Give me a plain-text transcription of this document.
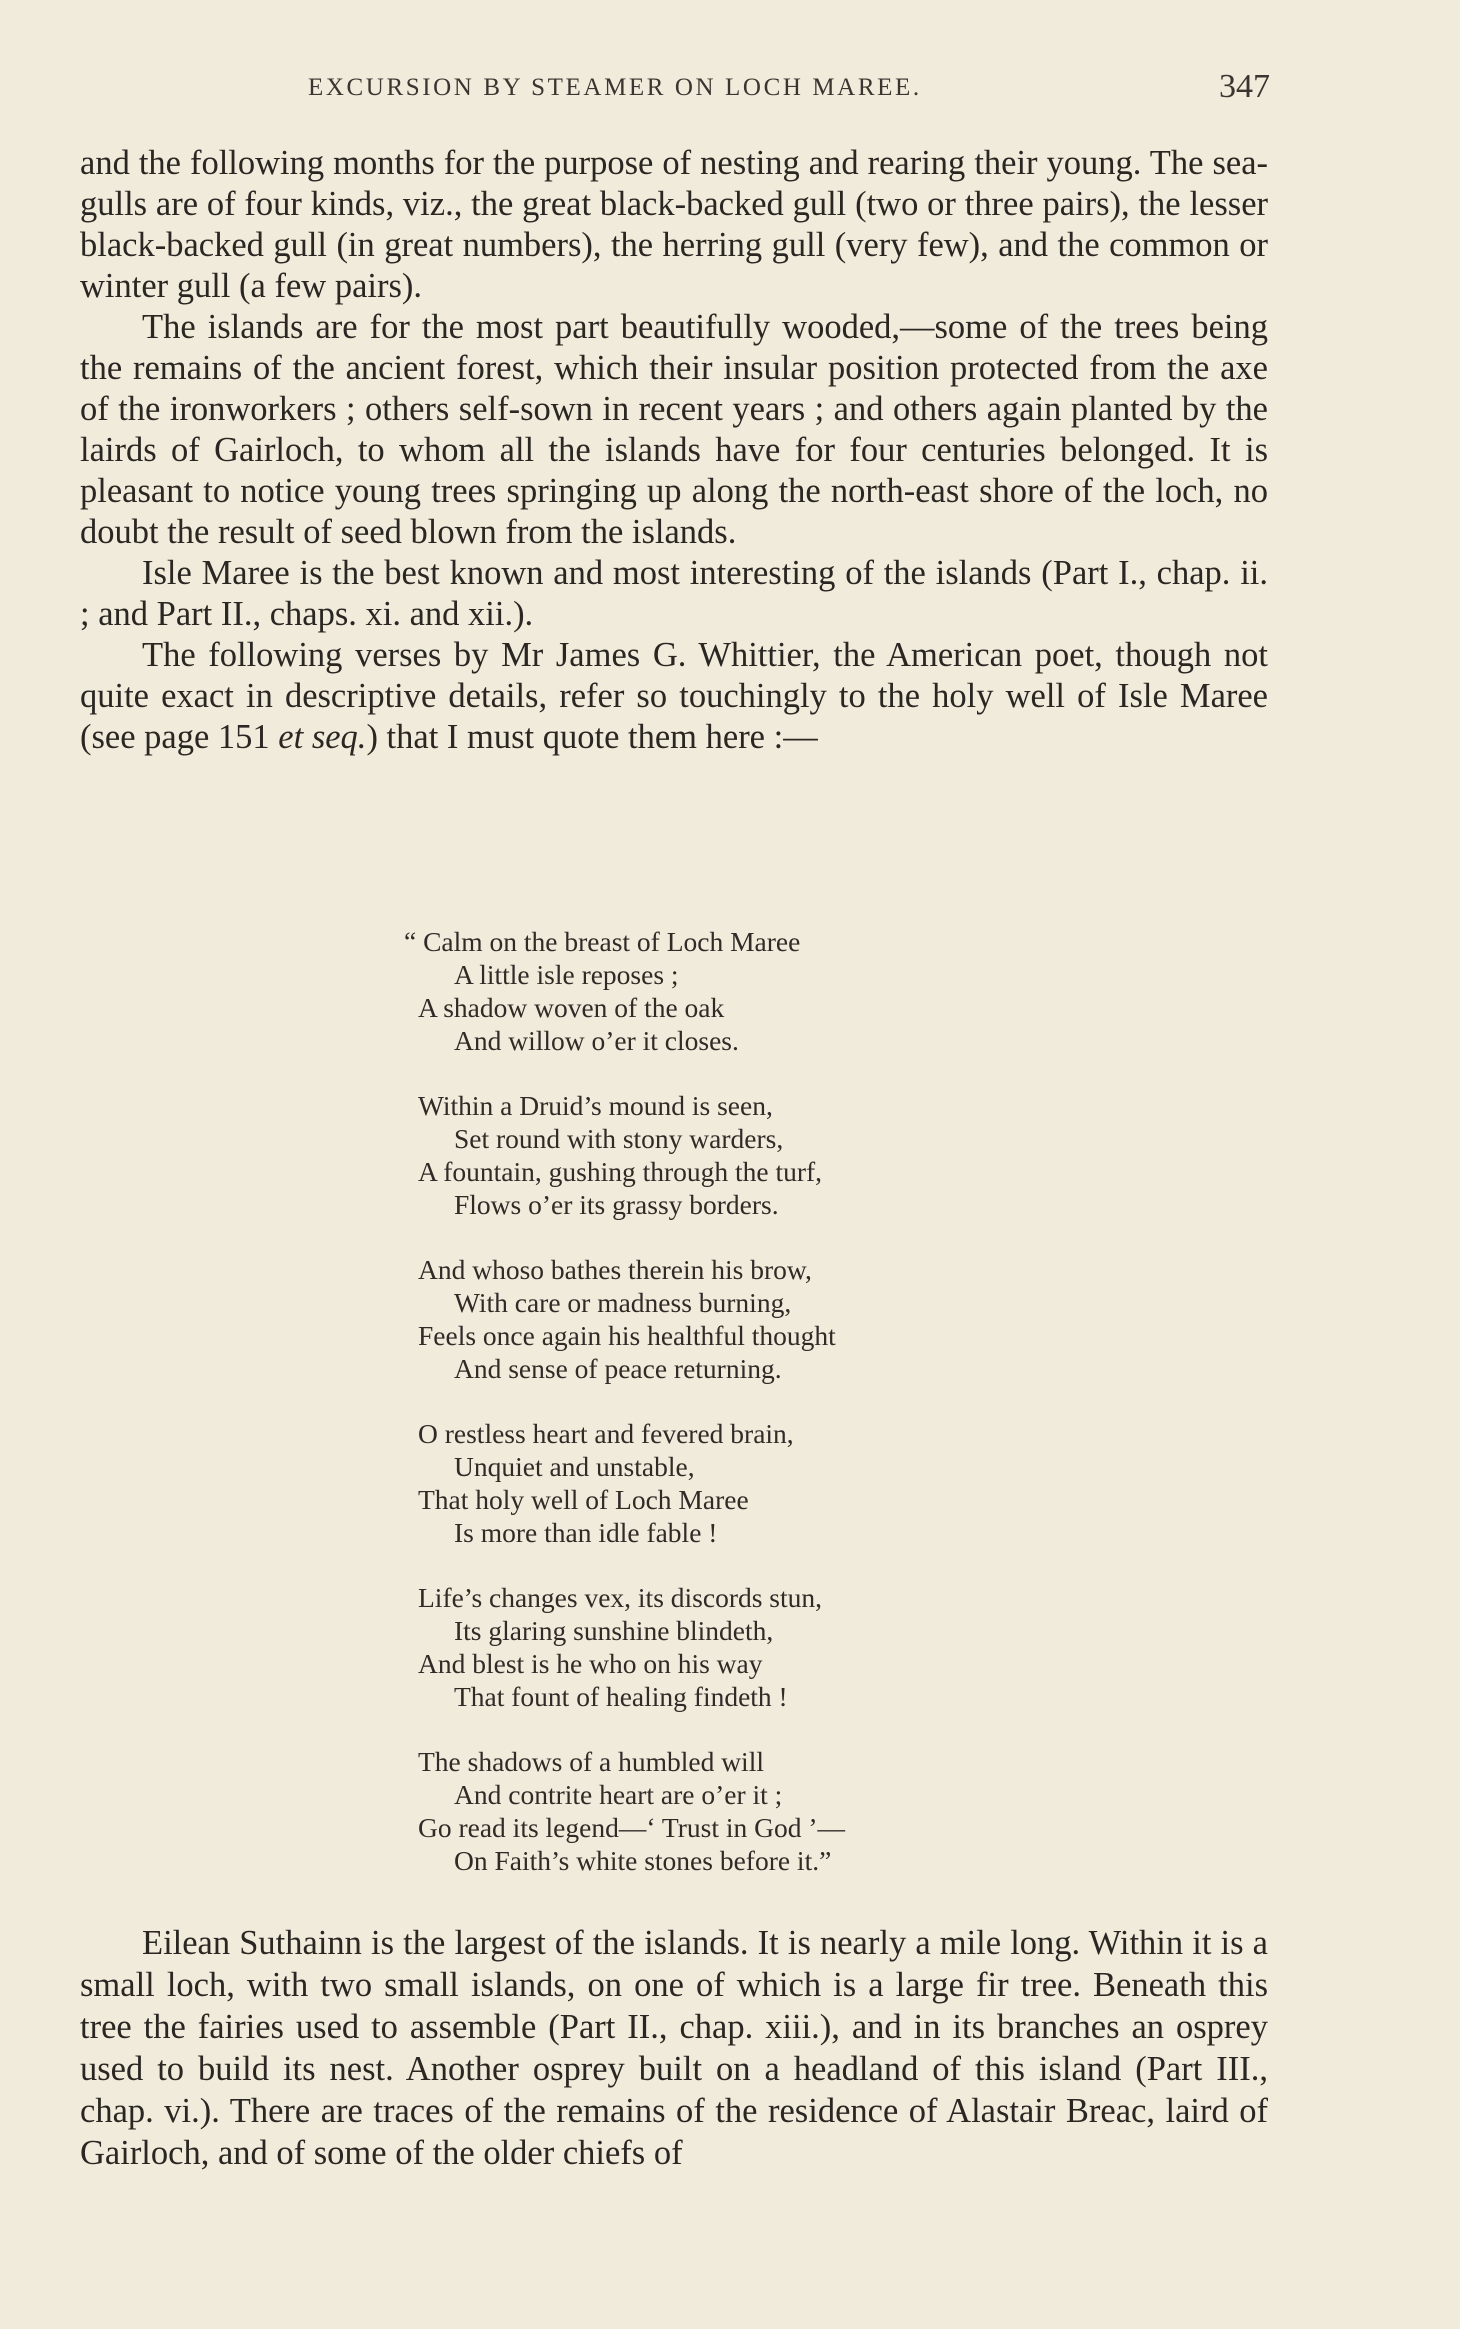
EXCURSION BY STEAMER ON LOCH MAREE.	347

and the following months for the purpose of nesting and rearing their young. The sea-gulls are of four kinds, viz., the great black-backed gull (two or three pairs), the lesser black-backed gull (in great numbers), the herring gull (very few), and the common or winter gull (a few pairs).

The islands are for the most part beautifully wooded,—some of the trees being the remains of the ancient forest, which their insular position protected from the axe of the ironworkers ; others self-sown in recent years ; and others again planted by the lairds of Gairloch, to whom all the islands have for four centuries belonged. It is pleasant to notice young trees springing up along the north-east shore of the loch, no doubt the result of seed blown from the islands.

Isle Maree is the best known and most interesting of the islands (Part I., chap. ii. ; and Part II., chaps. xi. and xii.).

The following verses by Mr James G. Whittier, the American poet, though not quite exact in descriptive details, refer so touchingly to the holy well of Isle Maree (see page 151 et seq.) that I must quote them here :—

“ Calm on the breast of Loch Maree
A little isle reposes ;
A shadow woven of the oak
And willow o’er it closes.
Within a Druid’s mound is seen,
Set round with stony warders,
A fountain, gushing through the turf,
Flows o’er its grassy borders.
And whoso bathes therein his brow,
With care or madness burning,
Feels once again his healthful thought
And sense of peace returning.
O restless heart and fevered brain,
Unquiet and unstable,
That holy well of Loch Maree
Is more than idle fable !
Life’s changes vex, its discords stun,
Its glaring sunshine blindeth,
And blest is he who on his way
That fount of healing findeth !
The shadows of a humbled will
And contrite heart are o’er it ;
Go read its legend—‘ Trust in God ’—
On Faith’s white stones before it.”

Eilean Suthainn is the largest of the islands. It is nearly a mile long. Within it is a small loch, with two small islands, on one of which is a large fir tree. Beneath this tree the fairies used to assemble (Part II., chap. xiii.), and in its branches an osprey used to build its nest. Another osprey built on a headland of this island (Part III., chap. vi.). There are traces of the remains of the residence of Alastair Breac, laird of Gairloch, and of some of the older chiefs of
